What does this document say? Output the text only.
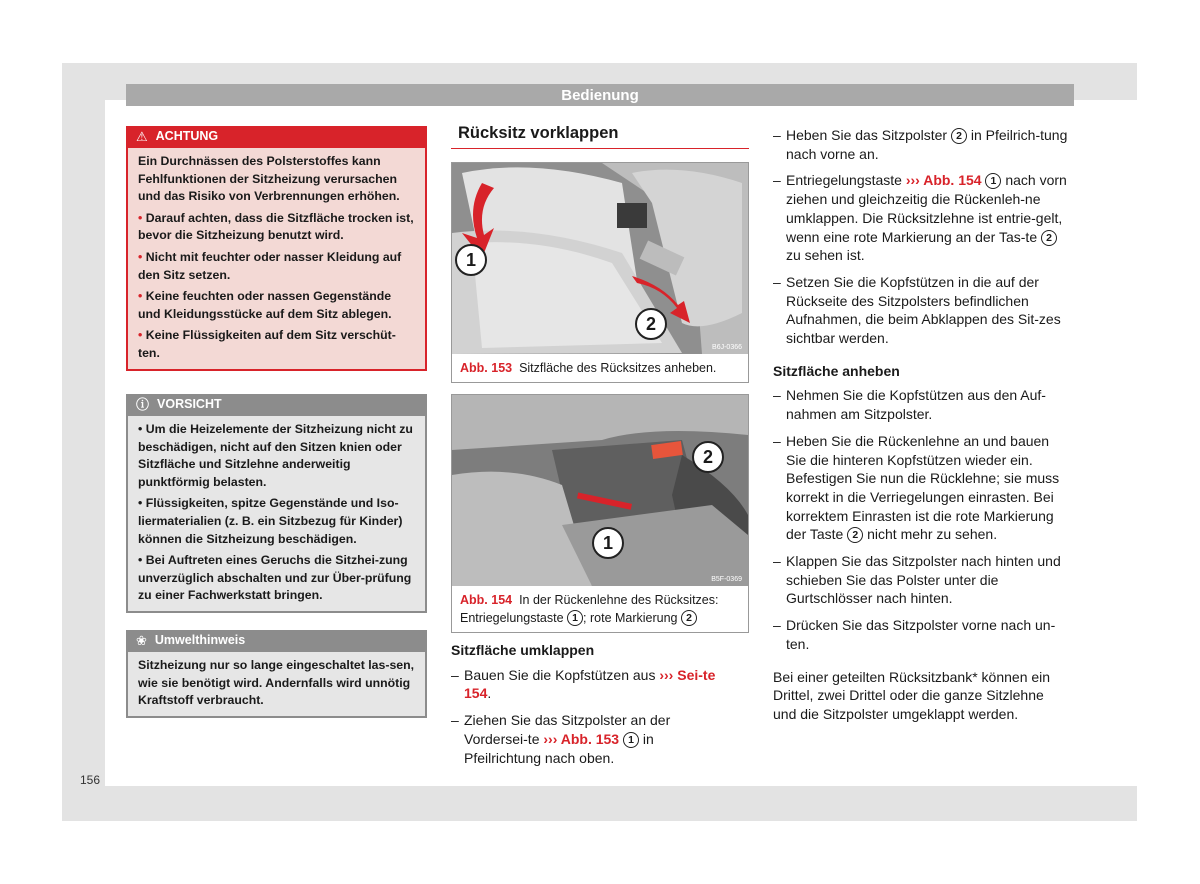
Bedienung
156
⚠ ACHTUNG

Ein Durchnässen des Polsterstoffes kann Fehlfunktionen der Sitzheizung verursachen und das Risiko von Verbrennungen erhöhen.

• Darauf achten, dass die Sitzfläche trocken ist, bevor die Sitzheizung benutzt wird.

• Nicht mit feuchter oder nasser Kleidung auf den Sitz setzen.

• Keine feuchten oder nassen Gegenstände und Kleidungsstücke auf dem Sitz ablegen.

• Keine Flüssigkeiten auf dem Sitz verschüt-ten.

ⓘ VORSICHT

• Um die Heizelemente der Sitzheizung nicht zu beschädigen, nicht auf den Sitzen knien oder Sitzfläche und Sitzlehne anderweitig punktförmig belasten.

• Flüssigkeiten, spitze Gegenstände und Iso-liermaterialien (z. B. ein Sitzbezug für Kinder) können die Sitzheizung beschädigen.

• Bei Auftreten eines Geruchs die Sitzhei-zung unverzüglich abschalten und zur Über-prüfung zu einer Fachwerkstatt bringen.

❀ Umwelthinweis

Sitzheizung nur so lange eingeschaltet las-sen, wie sie benötigt wird. Andernfalls wird unnötig Kraftstoff verbraucht.

Rücksitz vorklappen
1
2
B6J-0366
Abb. 153 Sitzfläche des Rücksitzes anheben.
2
1
B5F-0369
Abb. 154 In der Rückenlehne des Rücksitzes:
Entriegelungstaste 1 ; rote Markierung 2
Sitzfläche umklappen
– Bauen Sie die Kopfstützen aus ››› Sei-te 154.
– Ziehen Sie das Sitzpolster an der Vordersei-te ››› Abb. 153 1 in Pfeilrichtung nach oben.
– Heben Sie das Sitzpolster 2 in Pfeilrich-tung nach vorne an.
– Entriegelungstaste ››› Abb. 154 1 nach vorn ziehen und gleichzeitig die Rückenleh-ne umklappen. Die Rücksitzlehne ist entrie-gelt, wenn eine rote Markierung an der Tas-te 2 zu sehen ist.
– Setzen Sie die Kopfstützen in die auf der Rückseite des Sitzpolsters befindlichen Aufnahmen, die beim Abklappen des Sit-zes sichtbar werden.
Sitzfläche anheben
– Nehmen Sie die Kopfstützen aus den Auf-nahmen am Sitzpolster.
– Heben Sie die Rückenlehne an und bauen Sie die hinteren Kopfstützen wieder ein. Befestigen Sie nun die Rücklehne; sie muss korrekt in die Verriegelungen einrasten. Bei korrektem Einrasten ist die rote Markierung der Taste 2 nicht mehr zu sehen.
– Klappen Sie das Sitzpolster nach hinten und schieben Sie das Polster unter die Gurtschlösser nach hinten.
– Drücken Sie das Sitzpolster vorne nach un-ten.

Bei einer geteilten Rücksitzbank* können ein Drittel, zwei Drittel oder die ganze Sitzlehne und die Sitzpolster umgeklappt werden.
